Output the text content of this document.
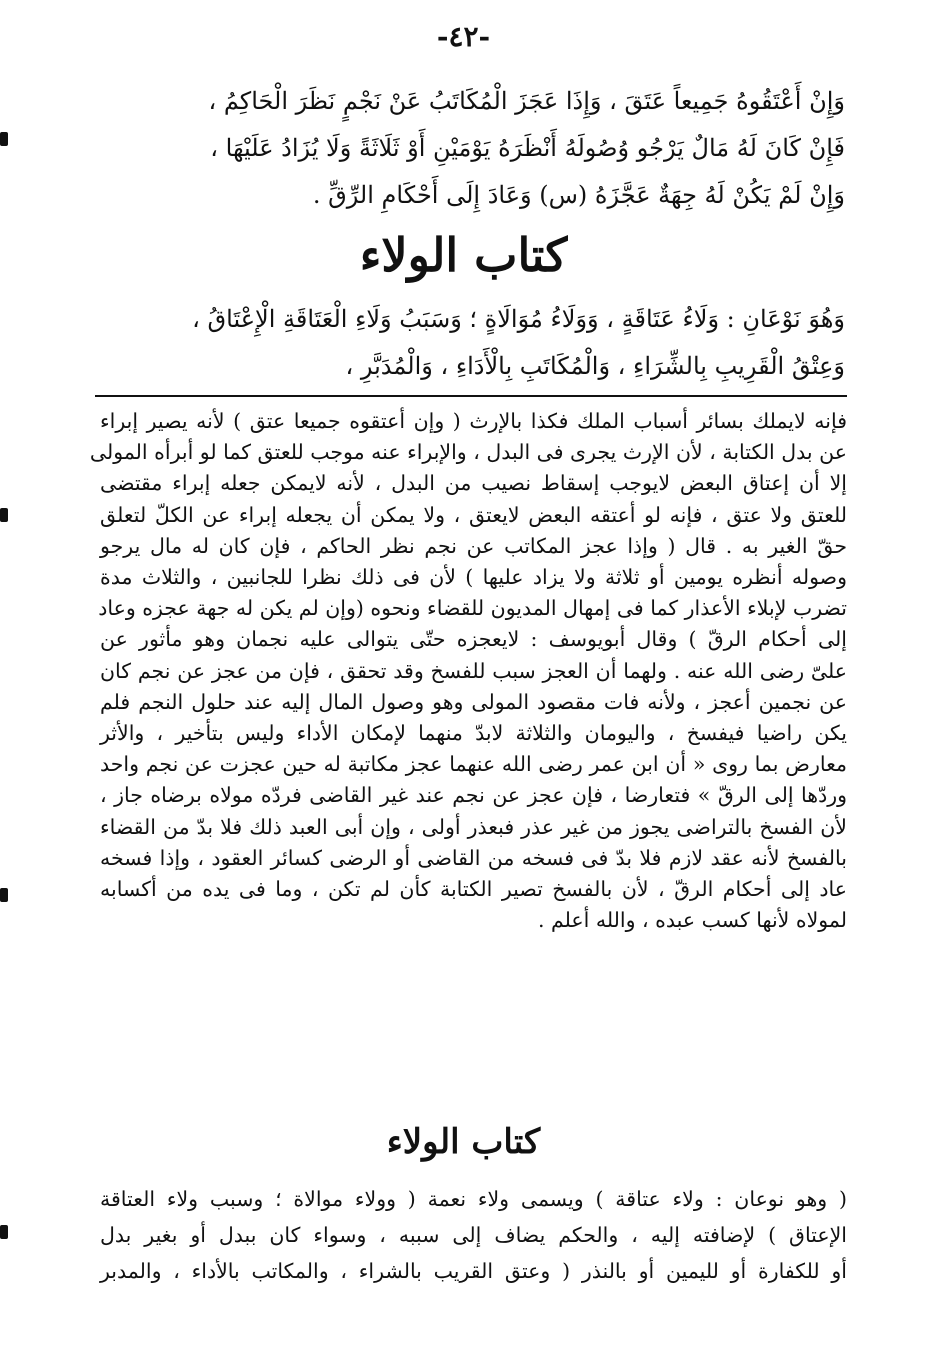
-٤٢-

وَإِنْ أَعْتَقُوهُ جَمِيعاً عَتَقَ ، وَإِذَا عَجَزَ الْمُكَاتَبُ عَنْ نَجْمٍ نَظَرَ الْحَاكِمُ ،

فَإِنْ كَانَ لَهُ مَالٌ يَرْجُو وُصُولَهُ أَنْظَرَهُ يَوْمَيْنِ أَوْ ثَلَاثَةً وَلَا يُزَادُ عَلَيْهَا ،

وَإِنْ لَمْ يَكُنْ لَهُ جِهَةٌ عَجَّزَهُ (س) وَعَادَ إِلَى أَحْكَامِ الرِّقِّ .

كتاب الولاء

وَهُوَ نَوْعَانِ : وَلَاءُ عَتَاقَةٍ ، وَوَلَاءُ مُوَالَاةٍ ؛ وَسَبَبُ وَلَاءِ الْعَتَاقَةِ الْإِعْتَاقُ ،

وَعِتْقُ الْقَرِيبِ بِالشِّرَاءِ ، وَالْمُكَاتَبِ بِالْأَدَاءِ ، وَالْمُدَبَّرِ ،

فإنه لايملك بسائر أسباب الملك فكذا بالإرث ( وإن أعتقوه جميعا عتق ) لأنه يصير إبراء

عن بدل الكتابة ، لأن الإرث يجرى فى البدل ، والإبراء عنه موجب للعتق كما لو أبرأه المولى

إلا أن إعتاق البعض لايوجب إسقاط نصيب من البدل ، لأنه لايمكن جعله إبراء مقتضى

للعتق ولا عتق ، فإنه لو أعتقه البعض لايعتق ، ولا يمكن أن يجعله إبراء عن الكلّ لتعلق

حقّ الغير به . قال ( وإذا عجز المكاتب عن نجم نظر الحاكم ، فإن كان له مال يرجو

وصوله أنظره يومين أو ثلاثة ولا يزاد عليها ) لأن فى ذلك نظرا للجانبين ، والثلاث مدة

تضرب لإبلاء الأعذار كما فى إمهال المديون للقضاء ونحوه (وإن لم يكن له جهة عجزه وعاد

إلى أحكام الرقّ ) وقال أبويوسف : لايعجزه حتّى يتوالى عليه نجمان وهو مأثور عن

علىّ رضى الله عنه . ولهما أن العجز سبب للفسخ وقد تحقق ، فإن من عجز عن نجم كان

عن نجمين أعجز ، ولأنه فات مقصود المولى وهو وصول المال إليه عند حلول النجم فلم

يكن راضيا فيفسخ ، واليومان والثلاثة لابدّ منهما لإمكان الأداء وليس بتأخير ، والأثر

معارض بما روى « أن ابن عمر رضى الله عنهما عجز مكاتبة له حين عجزت عن نجم واحد

وردّها إلى الرقّ » فتعارضا ، فإن عجز عن نجم عند غير القاضى فردّه مولاه برضاه جاز ،

لأن الفسخ بالتراضى يجوز من غير عذر فبعذر أولى ، وإن أبى العبد ذلك فلا بدّ من القضاء

بالفسخ لأنه عقد لازم فلا بدّ فى فسخه من القاضى أو الرضى كسائر العقود ، وإذا فسخه

عاد إلى أحكام الرقّ ، لأن بالفسخ تصير الكتابة كأن لم تكن ، وما فى يده من أكسابه

لمولاه لأنها كسب عبده ، والله أعلم .

كتاب الولاء

( وهو نوعان : ولاء عتاقة ) ويسمى ولاء نعمة ( وولاء موالاة ؛ وسبب ولاء العتاقة

الإعتاق ) لإضافته إليه ، والحكم يضاف إلى سببه ، وسواء كان ببدل أو بغير بدل

أو للكفارة أو لليمين أو بالنذر ( وعتق القريب بالشراء ، والمكاتب بالأداء ، والمدبر
